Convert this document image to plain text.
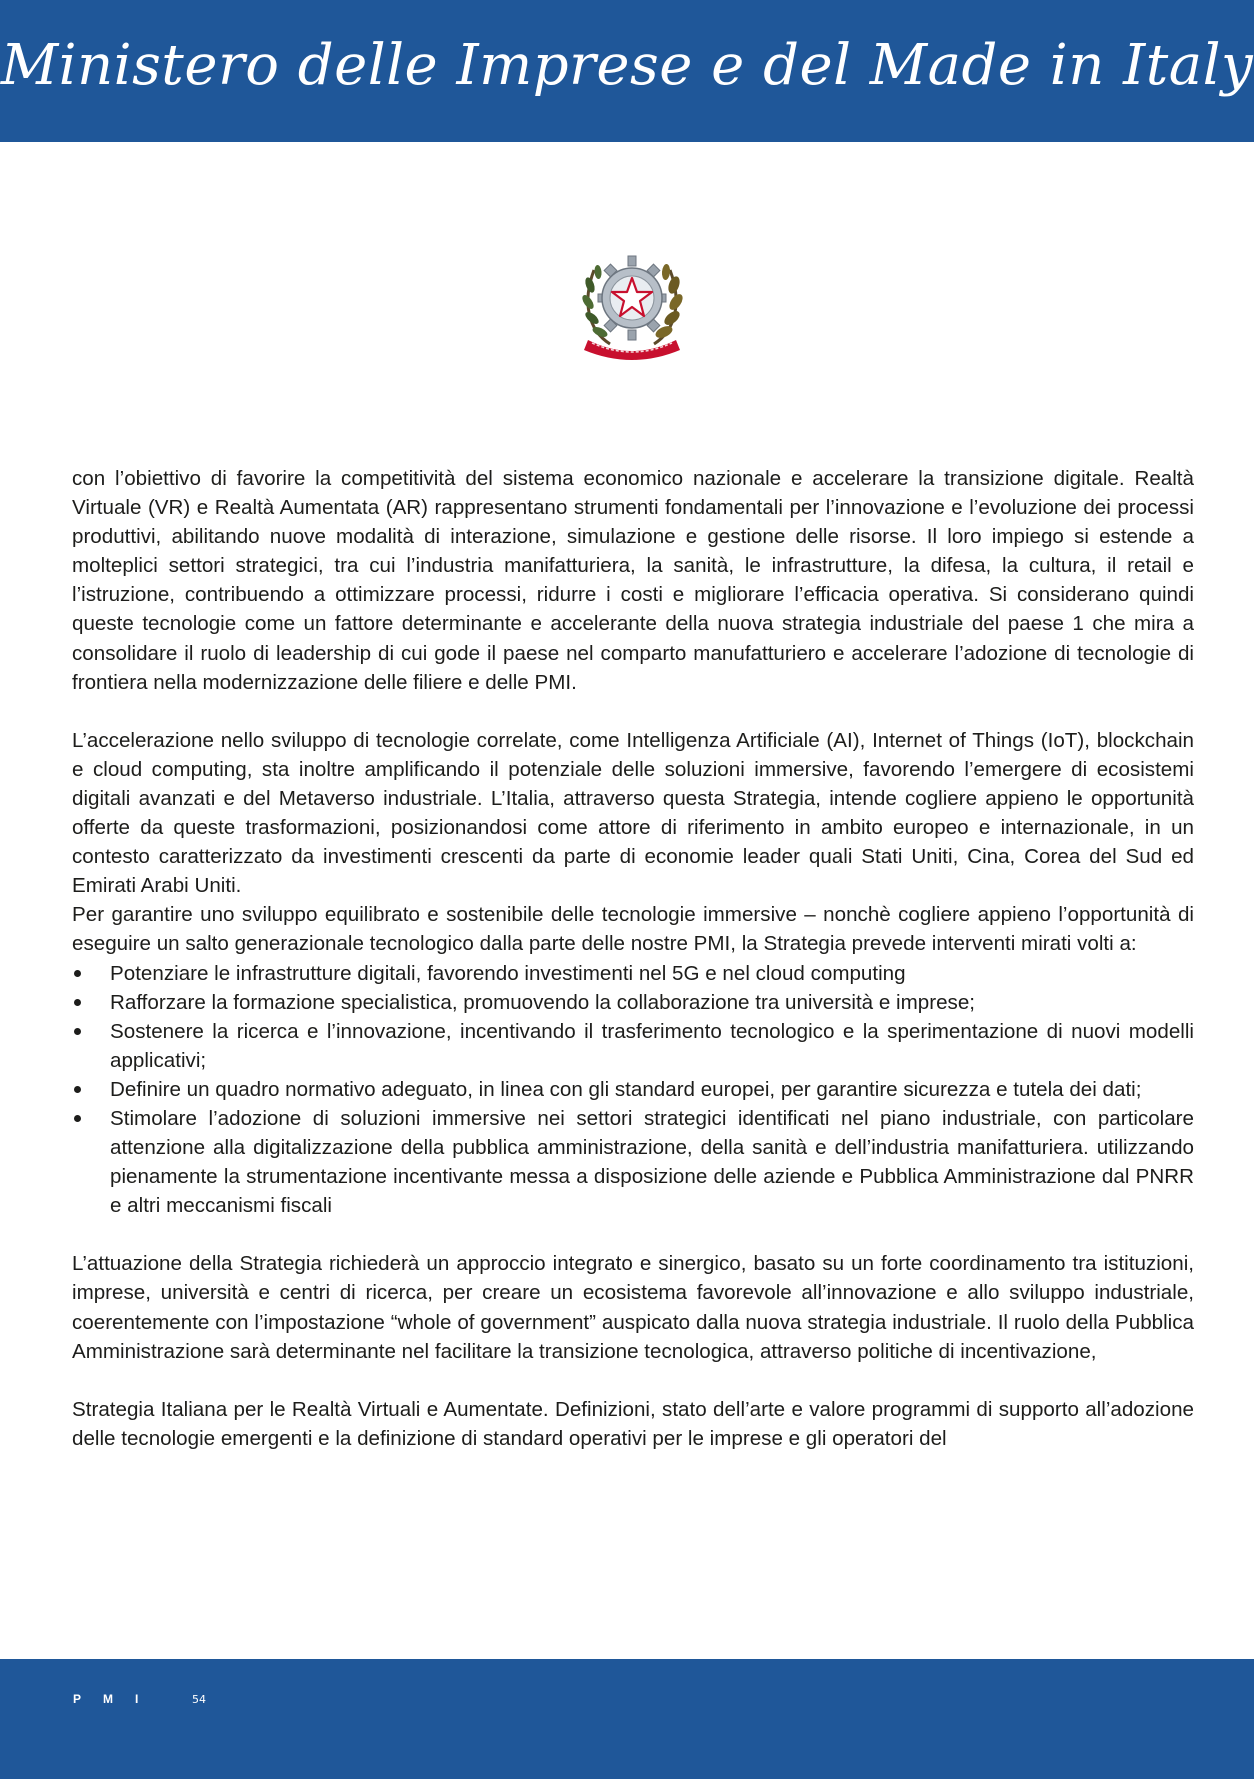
Ministero delle Imprese e del Made in Italy

con l’obiettivo di favorire la competitività del sistema economico nazionale e accelerare la transizione digitale. Realtà Virtuale (VR) e Realtà Aumentata (AR) rappresentano strumenti fondamentali per l’innovazione e l’evoluzione dei processi produttivi, abilitando nuove modalità di interazione, simulazione e gestione delle risorse. Il loro impiego si estende a molteplici settori strategici, tra cui l’industria manifatturiera, la sanità, le infrastrutture, la difesa, la cultura, il retail e l’istruzione, contribuendo a ottimizzare processi, ridurre i costi e migliorare l’efficacia operativa. Si considerano quindi queste tecnologie come un fattore determinante e accelerante della nuova strategia industriale del paese 1 che mira a consolidare il ruolo di leadership di cui gode il paese nel comparto manufatturiero e accelerare l’adozione di tecnologie di frontiera nella modernizzazione delle filiere e delle PMI.

L’accelerazione nello sviluppo di tecnologie correlate, come Intelligenza Artificiale (AI), Internet of Things (IoT), blockchain e cloud computing, sta inoltre amplificando il potenziale delle soluzioni immersive, favorendo l’emergere di ecosistemi digitali avanzati e del Metaverso industriale. L’Italia, attraverso questa Strategia, intende cogliere appieno le opportunità offerte da queste trasformazioni, posizionandosi come attore di riferimento in ambito europeo e internazionale, in un contesto caratterizzato da investimenti crescenti da parte di economie leader quali Stati Uniti, Cina, Corea del Sud ed Emirati Arabi Uniti.

Per garantire uno sviluppo equilibrato e sostenibile delle tecnologie immersive – nonchè cogliere appieno l’opportunità di eseguire un salto generazionale tecnologico dalla parte delle nostre PMI, la Strategia prevede interventi mirati volti a:

Potenziare le infrastrutture digitali, favorendo investimenti nel 5G e nel cloud computing
Rafforzare la formazione specialistica, promuovendo la collaborazione tra università e imprese;
Sostenere la ricerca e l’innovazione, incentivando il trasferimento tecnologico e la sperimentazione di nuovi modelli applicativi;
Definire un quadro normativo adeguato, in linea con gli standard europei, per garantire sicurezza e tutela dei dati;
Stimolare l’adozione di soluzioni immersive nei settori strategici identificati nel piano industriale, con particolare attenzione alla digitalizzazione della pubblica amministrazione, della sanità e dell’industria manifatturiera. utilizzando pienamente la strumentazione incentivante messa a disposizione delle aziende e Pubblica Amministrazione dal PNRR e altri meccanismi fiscali

L’attuazione della Strategia richiederà un approccio integrato e sinergico, basato su un forte coordinamento tra istituzioni, imprese, università e centri di ricerca, per creare un ecosistema favorevole all’innovazione e allo sviluppo industriale, coerentemente con l’impostazione “whole of government” auspicato dalla nuova strategia industriale. Il ruolo della Pubblica Amministrazione sarà determinante nel facilitare la transizione tecnologica, attraverso politiche di incentivazione,

Strategia Italiana per le Realtà Virtuali e Aumentate. Definizioni, stato dell’arte e valore programmi di supporto all’adozione delle tecnologie emergenti e la definizione di standard operativi per le imprese e gli operatori del

PMI	54
